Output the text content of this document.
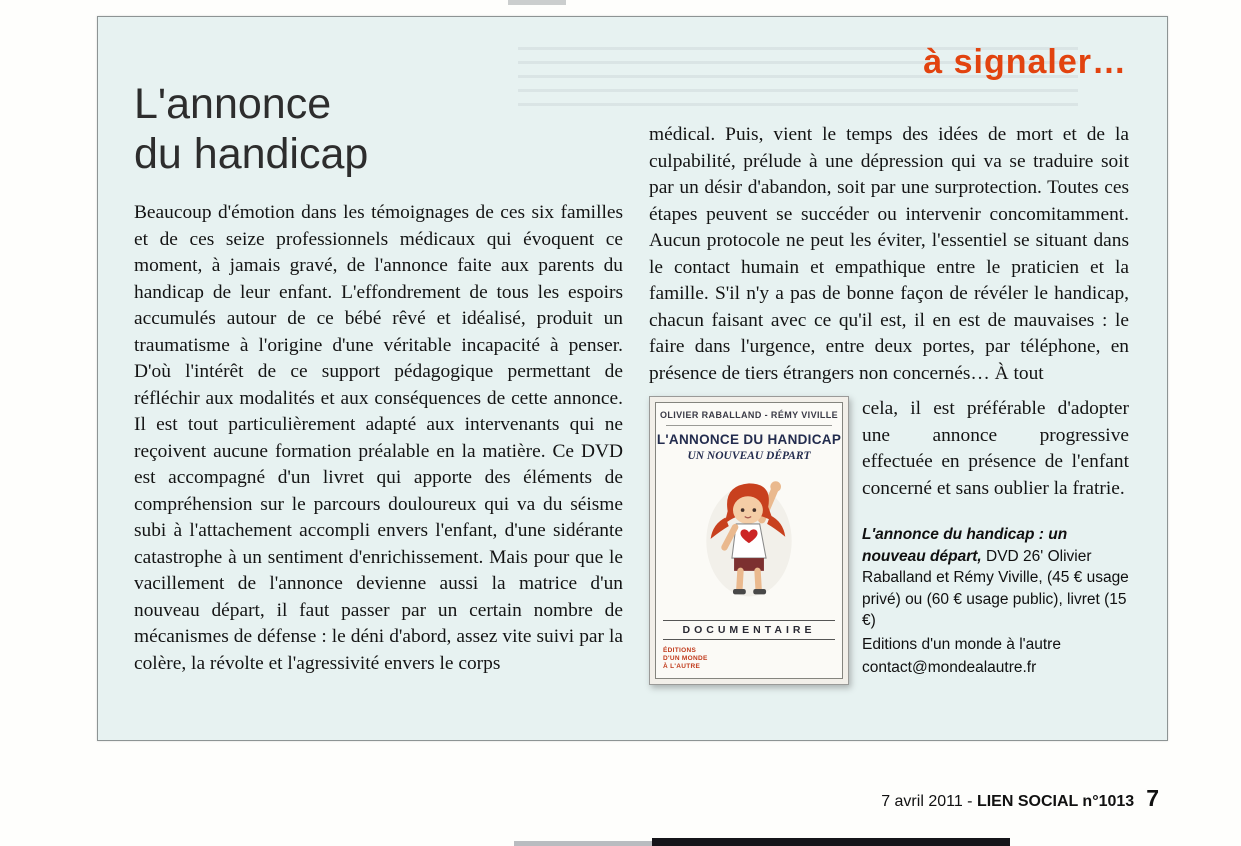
à signaler…
L'annonce
du handicap
Beaucoup d'émotion dans les témoignages de ces six familles et de ces seize professionnels médicaux qui évoquent ce moment, à jamais gravé, de l'annonce faite aux parents du handicap de leur enfant. L'effondrement de tous les espoirs accumulés autour de ce bébé rêvé et idéalisé, produit un traumatisme à l'origine d'une véritable incapacité à penser. D'où l'intérêt de ce support pédagogique permettant de réfléchir aux modalités et aux conséquences de cette annonce. Il est tout particulièrement adapté aux intervenants qui ne reçoivent aucune formation préalable en la matière. Ce DVD est accompagné d'un livret qui apporte des éléments de compréhension sur le parcours douloureux qui va du séisme subi à l'attachement accompli envers l'enfant, d'une sidérante catastrophe à un sentiment d'enrichissement. Mais pour que le vacillement de l'annonce devienne aussi la matrice d'un nouveau départ, il faut passer par un certain nombre de mécanismes de défense : le déni d'abord, assez vite suivi par la colère, la révolte et l'agressivité envers le corps
médical. Puis, vient le temps des idées de mort et de la culpabilité, prélude à une dépression qui va se traduire soit par un désir d'abandon, soit par une surprotection. Toutes ces étapes peuvent se succéder ou intervenir concomitamment. Aucun protocole ne peut les éviter, l'essentiel se situant dans le contact humain et empathique entre le praticien et la famille. S'il n'y a pas de bonne façon de révéler le handicap, chacun faisant avec ce qu'il est, il en est de mauvaises : le faire dans l'urgence, entre deux portes, par téléphone, en présence de tiers étrangers non concernés… À tout
OLIVIER RABALLAND - RÉMY VIVILLE
L'ANNONCE DU HANDICAP
UN NOUVEAU DÉPART
DOCUMENTAIRE
ÉDITIONS
D'UN MONDE
À L'AUTRE
cela, il est préférable d'adopter une annonce progressive effectuée en présence de l'enfant concerné et sans oublier la fratrie.
L'annonce du handicap : un nouveau départ, DVD 26' Olivier Raballand et Rémy Viville, (45 € usage privé) ou (60 € usage public), livret (15 €)
Editions d'un monde à l'autre
contact@mondealautre.fr
7 avril 2011 - LIEN SOCIAL n°1013 7
